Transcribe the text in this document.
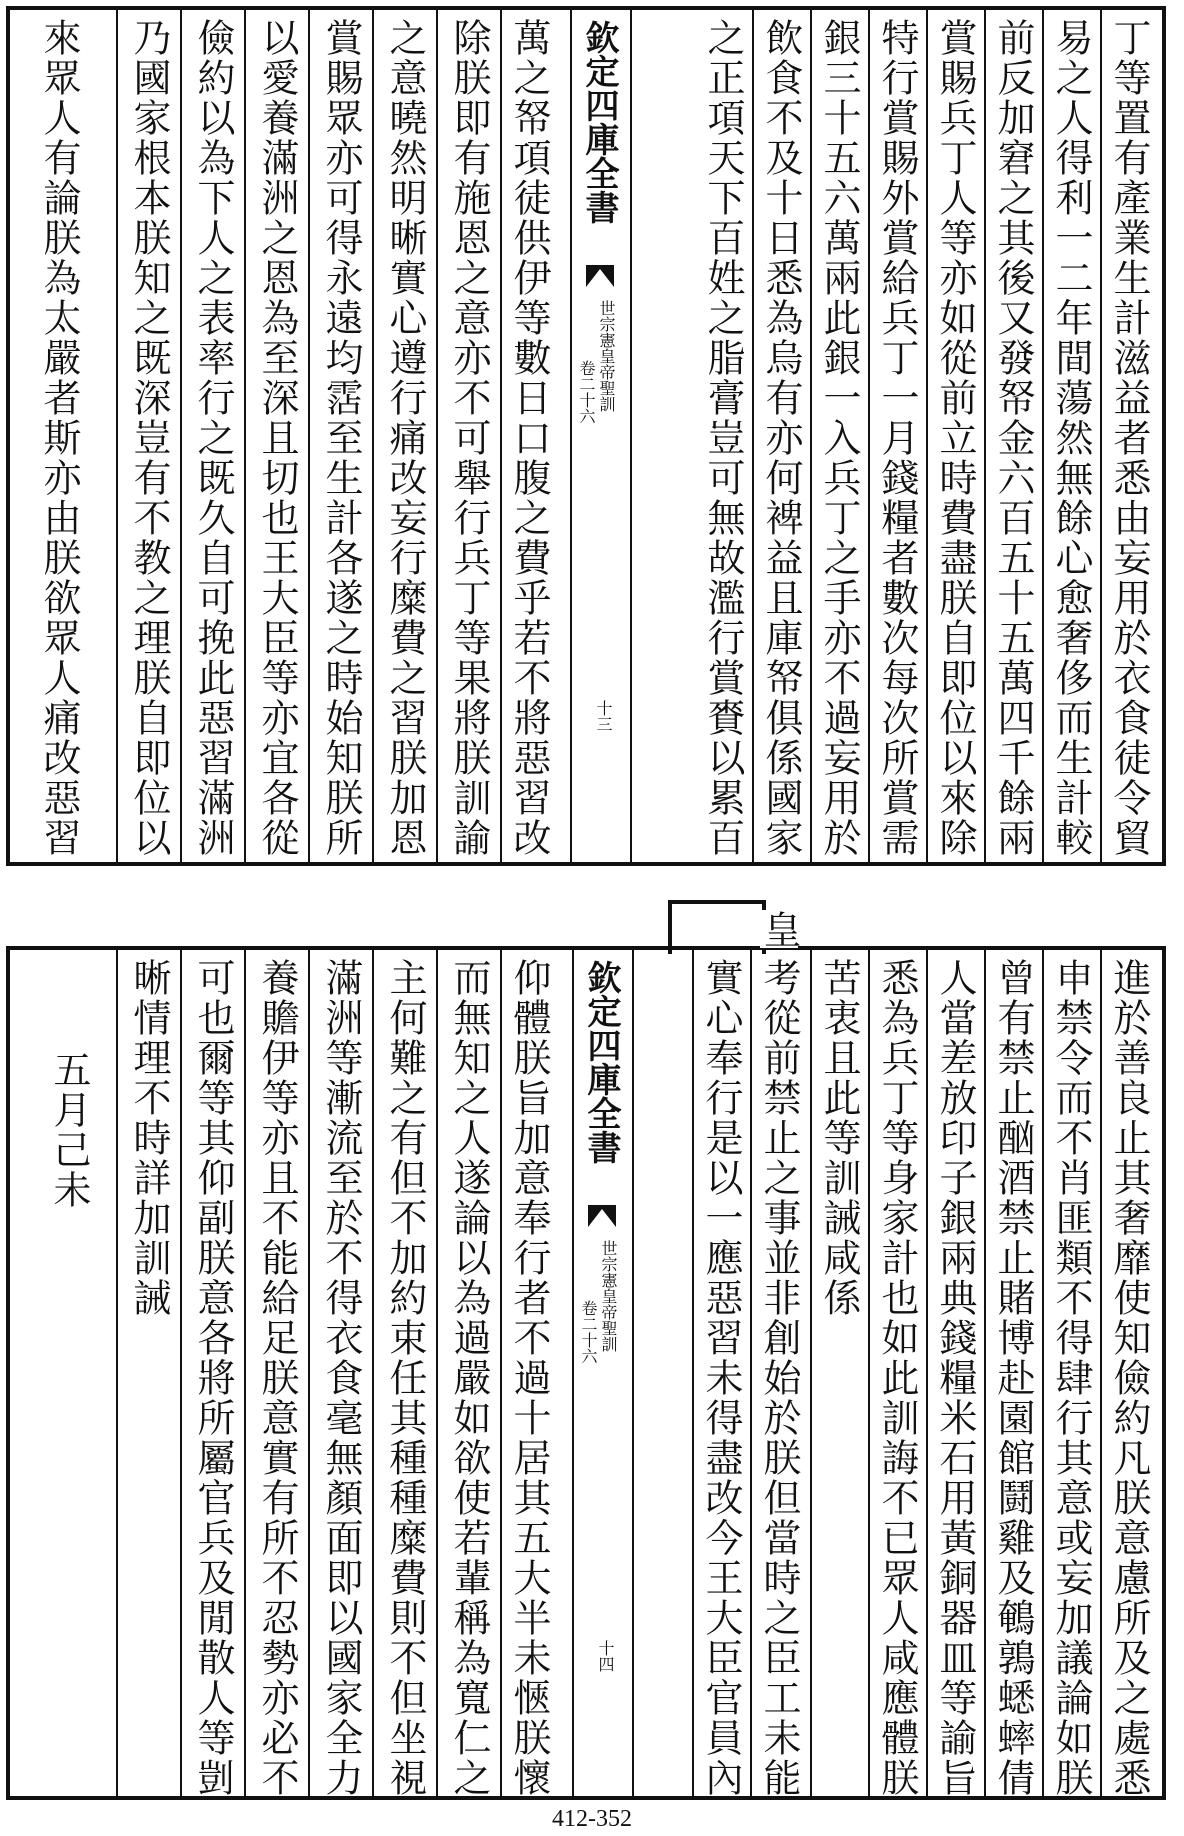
丁等置有產業生計滋益者悉由妄用於衣食徒令貿
易之人得利一二年間蕩然無餘心愈奢侈而生計較
前反加窘之其後又發帑金六百五十五萬四千餘兩
賞賜兵丁人等亦如從前立時費盡朕自即位以來除
特行賞賜外賞給兵丁一月錢糧者數次每次所賞需
銀三十五六萬兩此銀一入兵丁之手亦不過妄用於
飲食不及十日悉為烏有亦何裨益且庫帑俱係國家
之正項天下百姓之脂膏豈可無故濫行賞賚以累百
欽定四庫全書
世宗憲皇帝聖訓
卷二十六
十三
萬之帑項徒供伊等數日口腹之費乎若不將惡習改
除朕即有施恩之意亦不可舉行兵丁等果將朕訓諭
之意曉然明晰實心遵行痛改妄行糜費之習朕加恩
賞賜眾亦可得永遠均霑至生計各遂之時始知朕所
以愛養滿洲之恩為至深且切也王大臣等亦宜各從
儉約以為下人之表率行之既久自可挽此惡習滿洲
乃國家根本朕知之既深豈有不教之理朕自即位以
來眾人有論朕為太嚴者斯亦由朕欲眾人痛改惡習
進於善良止其奢靡使知儉約凡朕意慮所及之處悉
申禁令而不肖匪類不得肆行其意或妄加議論如朕
曾有禁止酗酒禁止賭博赴園館鬪雞及鵪鶉蟋蟀倩
人當差放印子銀兩典錢糧米石用黃銅器皿等諭旨
悉為兵丁等身家計也如此訓誨不已眾人咸應體朕
苦衷且此等訓誡咸係
皇
考從前禁止之事並非創始於朕但當時之臣工未能
實心奉行是以一應惡習未得盡改今王大臣官員內
欽定四庫全書
世宗憲皇帝聖訓
卷二十六
十四
仰體朕旨加意奉行者不過十居其五大半未愜朕懷
而無知之人遂論以為過嚴如欲使若輩稱為寬仁之
主何難之有但不加約束任其種種糜費則不但坐視
滿洲等漸流至於不得衣食毫無顏面即以國家全力
養贍伊等亦且不能給足朕意實有所不忍勢亦必不
可也爾等其仰副朕意各將所屬官兵及閒散人等剴
晰情理不時詳加訓誡
五月己未
412-352
